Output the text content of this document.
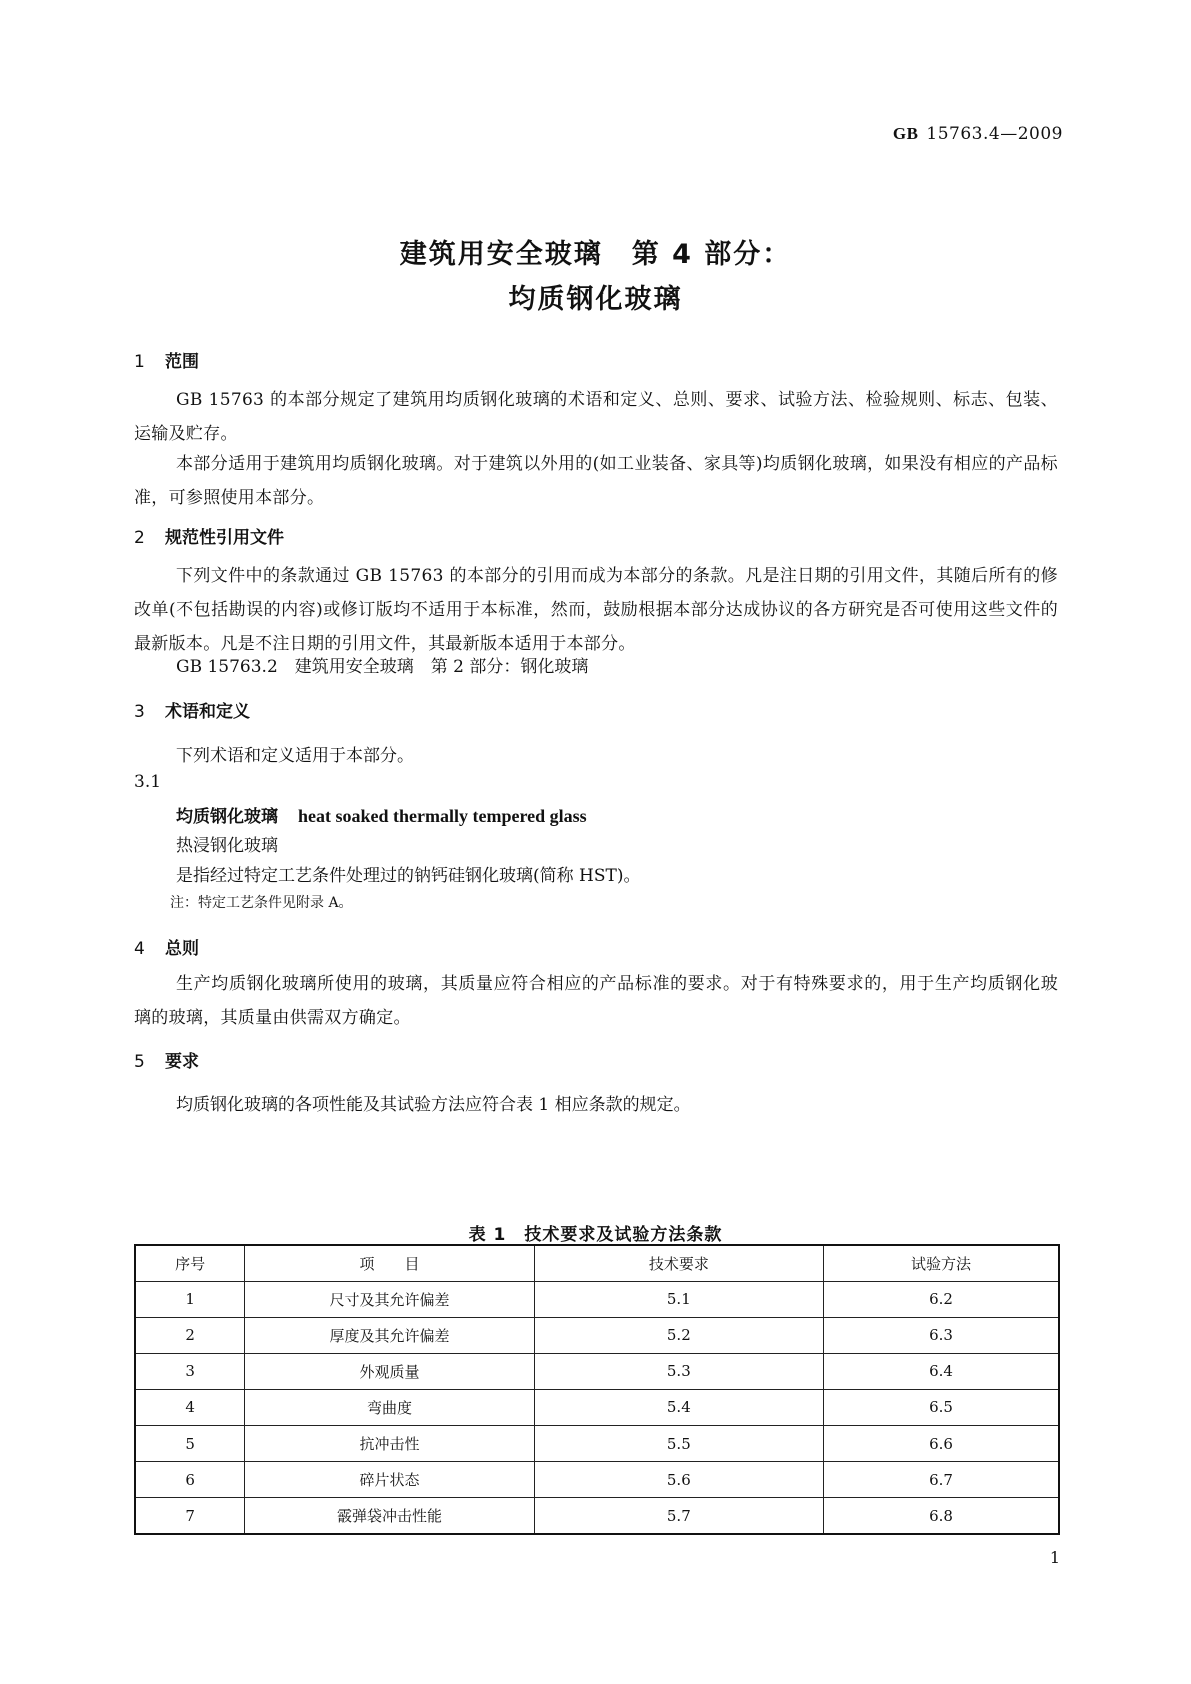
GB 15763.4—2009
建筑用安全玻璃　第 4 部分：
均质钢化玻璃
1 范围
GB 15763 的本部分规定了建筑用均质钢化玻璃的术语和定义、总则、要求、试验方法、检验规则、标志、包装、运输及贮存。
本部分适用于建筑用均质钢化玻璃。对于建筑以外用的(如工业装备、家具等)均质钢化玻璃，如果没有相应的产品标准，可参照使用本部分。
2 规范性引用文件
下列文件中的条款通过 GB 15763 的本部分的引用而成为本部分的条款。凡是注日期的引用文件，其随后所有的修改单(不包括勘误的内容)或修订版均不适用于本标准，然而，鼓励根据本部分达成协议的各方研究是否可使用这些文件的最新版本。凡是不注日期的引用文件，其最新版本适用于本部分。
GB 15763.2　建筑用安全玻璃　第 2 部分：钢化玻璃
3 术语和定义
下列术语和定义适用于本部分。
3.1
均质钢化玻璃 heat soaked thermally tempered glass
热浸钢化玻璃
是指经过特定工艺条件处理过的钠钙硅钢化玻璃(简称 HST)。
注：特定工艺条件见附录 A。
4 总则
生产均质钢化玻璃所使用的玻璃，其质量应符合相应的产品标准的要求。对于有特殊要求的，用于生产均质钢化玻璃的玻璃，其质量由供需双方确定。
5 要求
均质钢化玻璃的各项性能及其试验方法应符合表 1 相应条款的规定。
表 1　技术要求及试验方法条款
序号	项　　目	技术要求	试验方法
1	尺寸及其允许偏差	5.1	6.2
2	厚度及其允许偏差	5.2	6.3
3	外观质量	5.3	6.4
4	弯曲度	5.4	6.5
5	抗冲击性	5.5	6.6
6	碎片状态	5.6	6.7
7	霰弹袋冲击性能	5.7	6.8
1
